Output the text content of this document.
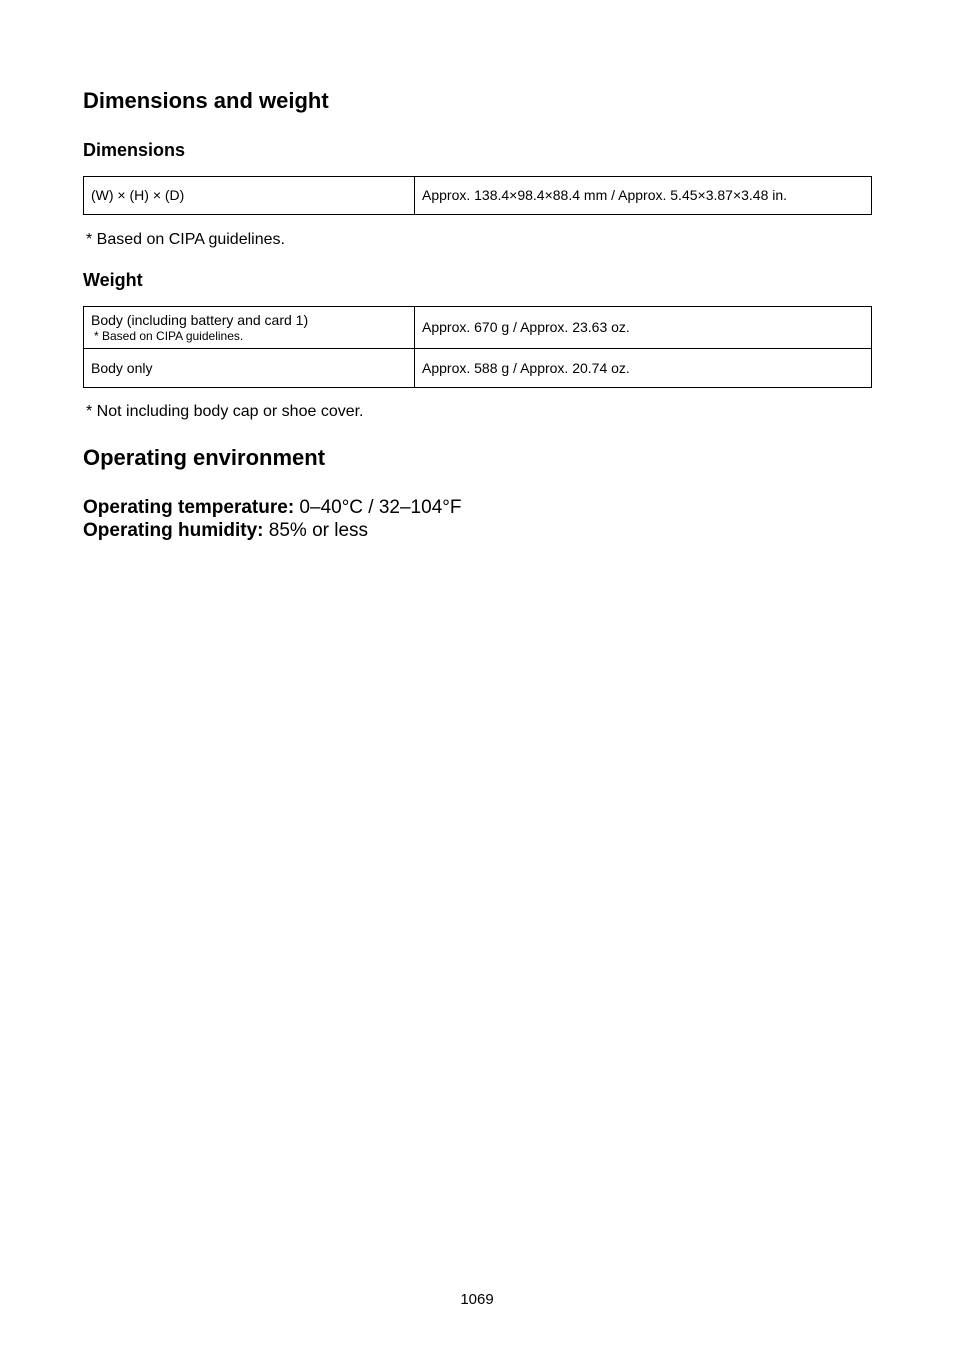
Dimensions and weight
Dimensions
(W) × (H) × (D)	Approx. 138.4×98.4×88.4 mm / Approx. 5.45×3.87×3.48 in.
* Based on CIPA guidelines.
Weight
Body (including battery and card 1)
* Based on CIPA guidelines.	Approx. 670 g / Approx. 23.63 oz.
Body only	Approx. 588 g / Approx. 20.74 oz.
* Not including body cap or shoe cover.
Operating environment
Operating temperature: 0–40°C / 32–104°F
Operating humidity: 85% or less
1069
